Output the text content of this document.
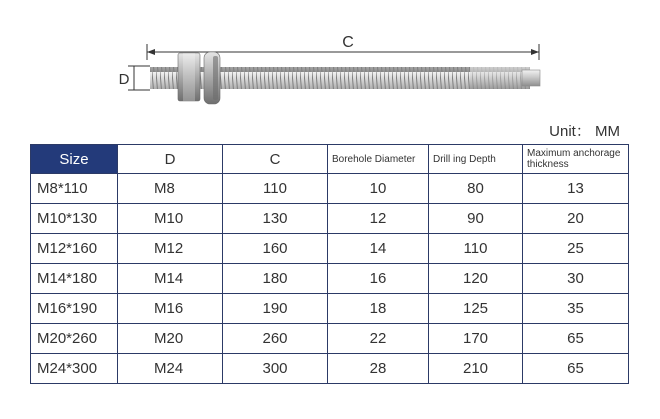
C
D
Unit： MM
Size	D	C	Borehole Diameter	Drill ing Depth	Maximum anchorage thickness
M8*110	M8	110	10	80	13
M10*130	M10	130	12	90	20
M12*160	M12	160	14	110	25
M14*180	M14	180	16	120	30
M16*190	M16	190	18	125	35
M20*260	M20	260	22	170	65
M24*300	M24	300	28	210	65
